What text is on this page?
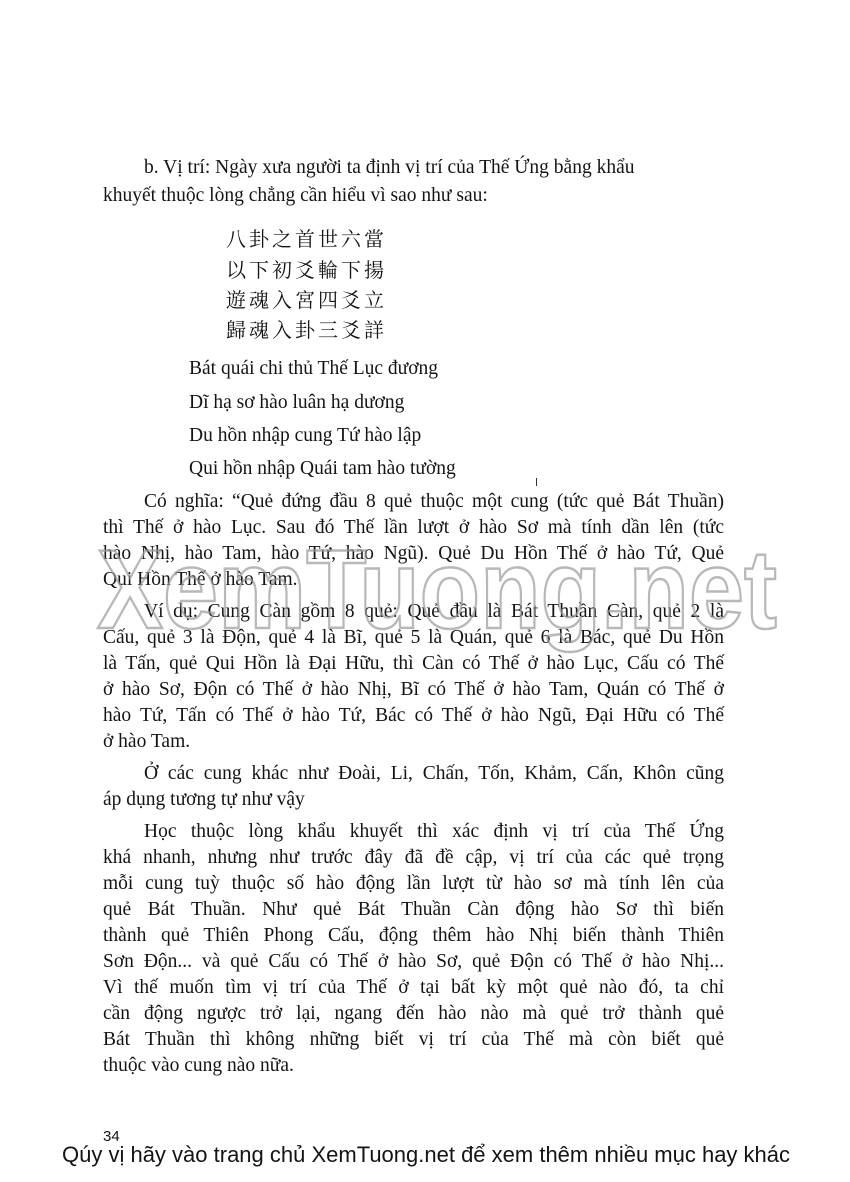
b. Vị trí: Ngày xưa người ta định vị trí của Thế Ứng bằng khẩu
khuyết thuộc lòng chẳng cần hiểu vì sao như sau:
八卦之首世六當
以下初爻輪下揚
遊魂入宮四爻立
歸魂入卦三爻詳
Bát quái chi thủ Thế Lục đương
Dĩ hạ sơ hào luân hạ dương
Du hồn nhập cung Tứ hào lập
Qui hồn nhập Quái tam hào tường
Có nghĩa: “Quẻ đứng đầu 8 quẻ thuộc một cung (tức quẻ Bát Thuần)
thì Thế ở hào Lục. Sau đó Thế lần lượt ở hào Sơ mà tính dần lên (tức
hào Nhị, hào Tam, hào Tứ, hào Ngũ). Quẻ Du Hồn Thế ở hào Tứ, Quẻ
Qui Hồn Thế ở hào Tam.
Ví dụ: Cung Càn gồm 8 quẻ: Quẻ đầu là Bát Thuần Càn, quẻ 2 là
Cấu, quẻ 3 là Độn, quẻ 4 là Bĩ, quẻ 5 là Quán, quẻ 6 là Bác, quẻ Du Hồn
là Tấn, quẻ Qui Hồn là Đại Hữu, thì Càn có Thế ở hào Lục, Cấu có Thế
ở hào Sơ, Độn có Thế ở hào Nhị, Bĩ có Thế ở hào Tam, Quán có Thế ở
hào Tứ, Tấn có Thế ở hào Tứ, Bác có Thế ở hào Ngũ, Đại Hữu có Thế
ở hào Tam.
Ở các cung khác như Đoài, Li, Chấn, Tốn, Khảm, Cấn, Khôn cũng
áp dụng tương tự như vậy
Học thuộc lòng khẩu khuyết thì xác định vị trí của Thế Ứng
khá nhanh, nhưng như trước đây đã đề cập, vị trí của các quẻ trọng
mỗi cung tuỳ thuộc số hào động lần lượt từ hào sơ mà tính lên của
quẻ Bát Thuần. Như quẻ Bát Thuần Càn động hào Sơ thì biến
thành quẻ Thiên Phong Cấu, động thêm hào Nhị biến thành Thiên
Sơn Độn... và quẻ Cấu có Thế ở hào Sơ, quẻ Độn có Thế ở hào Nhị...
Vì thế muốn tìm vị trí của Thế ở tại bất kỳ một quẻ nào đó, ta chỉ
cần động ngược trở lại, ngang đến hào nào mà quẻ trở thành quẻ
Bát Thuần thì không những biết vị trí của Thế mà còn biết quẻ
thuộc vào cung nào nữa.
XemTuong.net
34
Qúy vị hãy vào trang chủ XemTuong.net để xem thêm nhiều mục hay khác
